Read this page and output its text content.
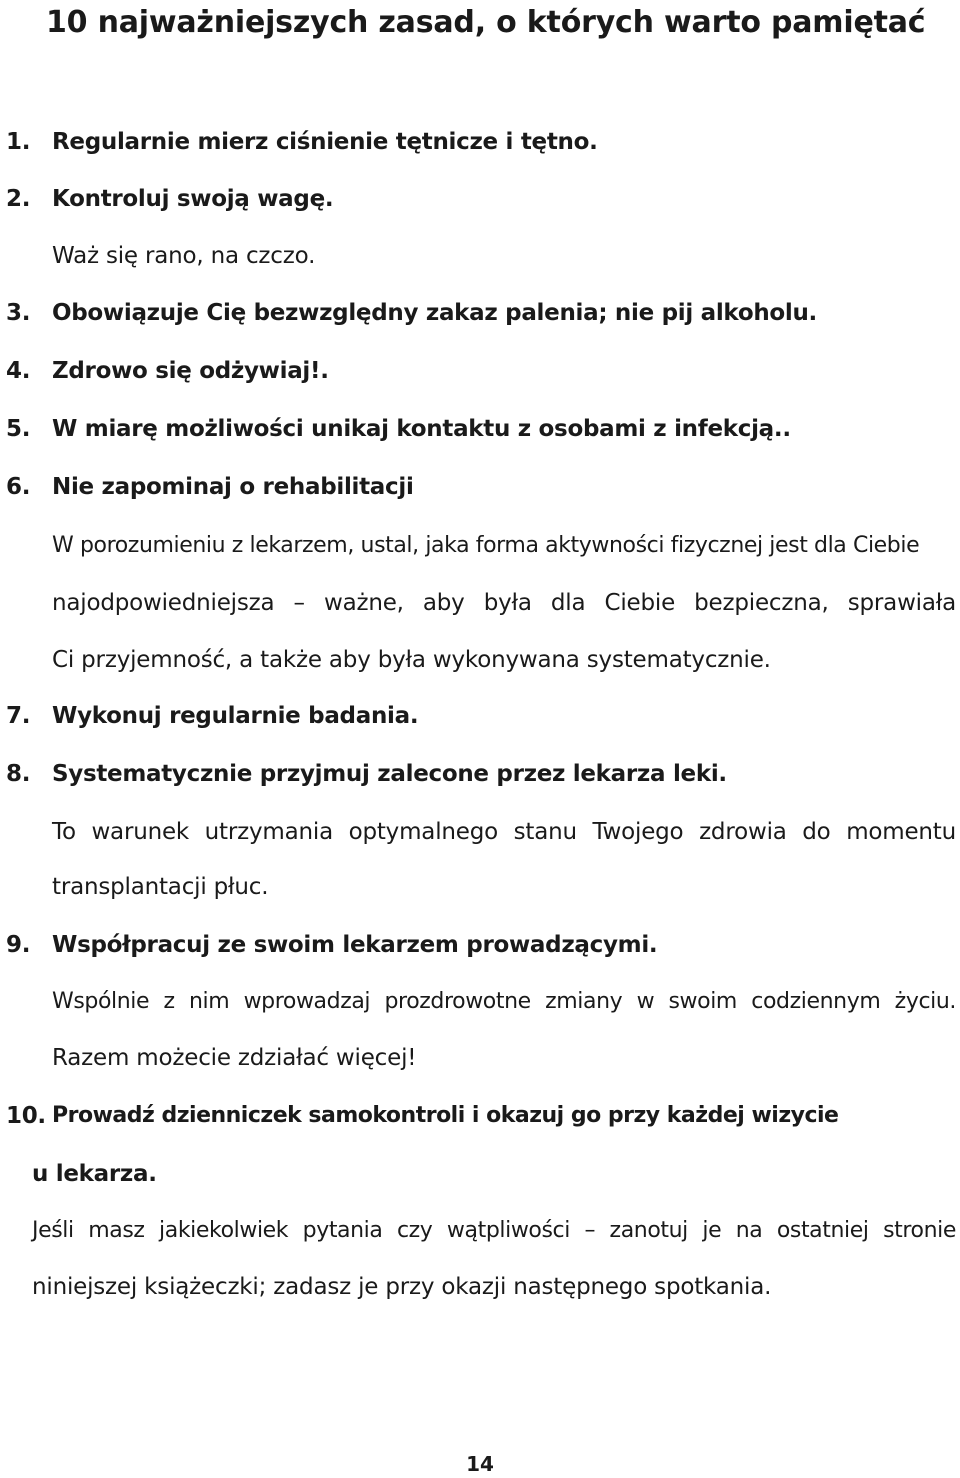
10 najważniejszych zasad, o których warto pamiętać
1. Regularnie mierz ciśnienie tętnicze i tętno.
2. Kontroluj swoją wagę.
Waż się rano, na czczo.
3. Obowiązuje Cię bezwzględny zakaz palenia; nie pij alkoholu.
4. Zdrowo się odżywiaj!.
5. W miarę możliwości unikaj kontaktu z osobami z infekcją..
6. Nie zapominaj o rehabilitacji
W porozumieniu z lekarzem, ustal, jaka forma aktywności fizycznej jest dla Ciebie
najodpowiedniejsza – ważne, aby była dla Ciebie bezpieczna, sprawiała
Ci przyjemność, a także aby była wykonywana systematycznie.
7. Wykonuj regularnie badania.
8. Systematycznie przyjmuj zalecone przez lekarza leki.
To warunek utrzymania optymalnego stanu Twojego zdrowia do momentu
transplantacji płuc.
9. Współpracuj ze swoim lekarzem prowadzącymi.
Wspólnie z nim wprowadzaj prozdrowotne zmiany w swoim codziennym życiu.
Razem możecie zdziałać więcej!
10. Prowadź dzienniczek samokontroli i okazuj go przy każdej wizycie
u lekarza.
Jeśli masz jakiekolwiek pytania czy wątpliwości – zanotuj je na ostatniej stronie
niniejszej książeczki; zadasz je przy okazji następnego spotkania.
14
